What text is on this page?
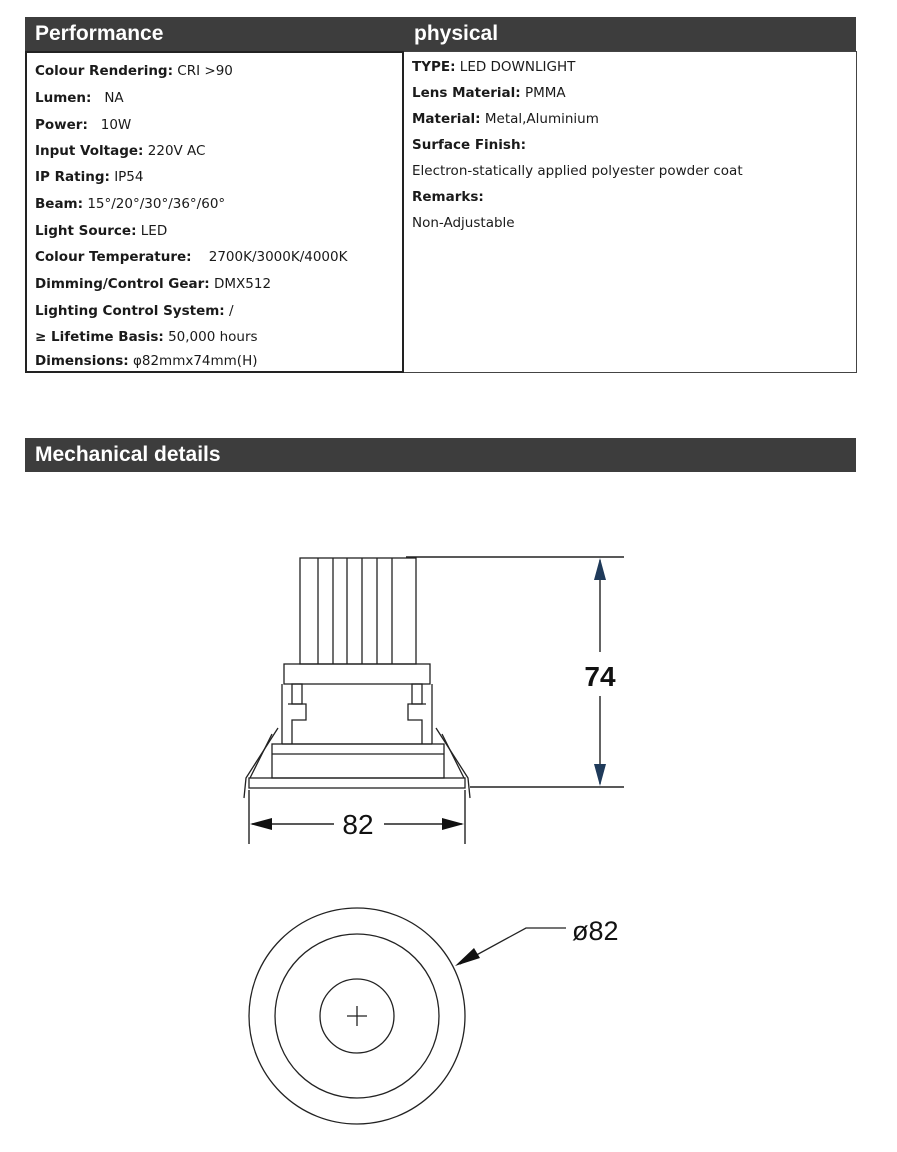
Performance	physical
Colour Rendering: CRI >90
Lumen: NA
Power: 10W
Input Voltage: 220V AC
IP Rating: IP54
Beam: 15°/20°/30°/36°/60°
Light Source: LED
Colour Temperature: 2700K/3000K/4000K
Dimming/Control Gear: DMX512
Lighting Control System: /
≥ Lifetime Basis: 50,000 hours
Dimensions: φ82mmx74mm(H)
TYPE: LED DOWNLIGHT
Lens Material: PMMA
Material: Metal,Aluminium
Surface Finish:
Electron-statically applied polyester powder coat
Remarks:
Non-Adjustable
Mechanical details
74
82
ø82
